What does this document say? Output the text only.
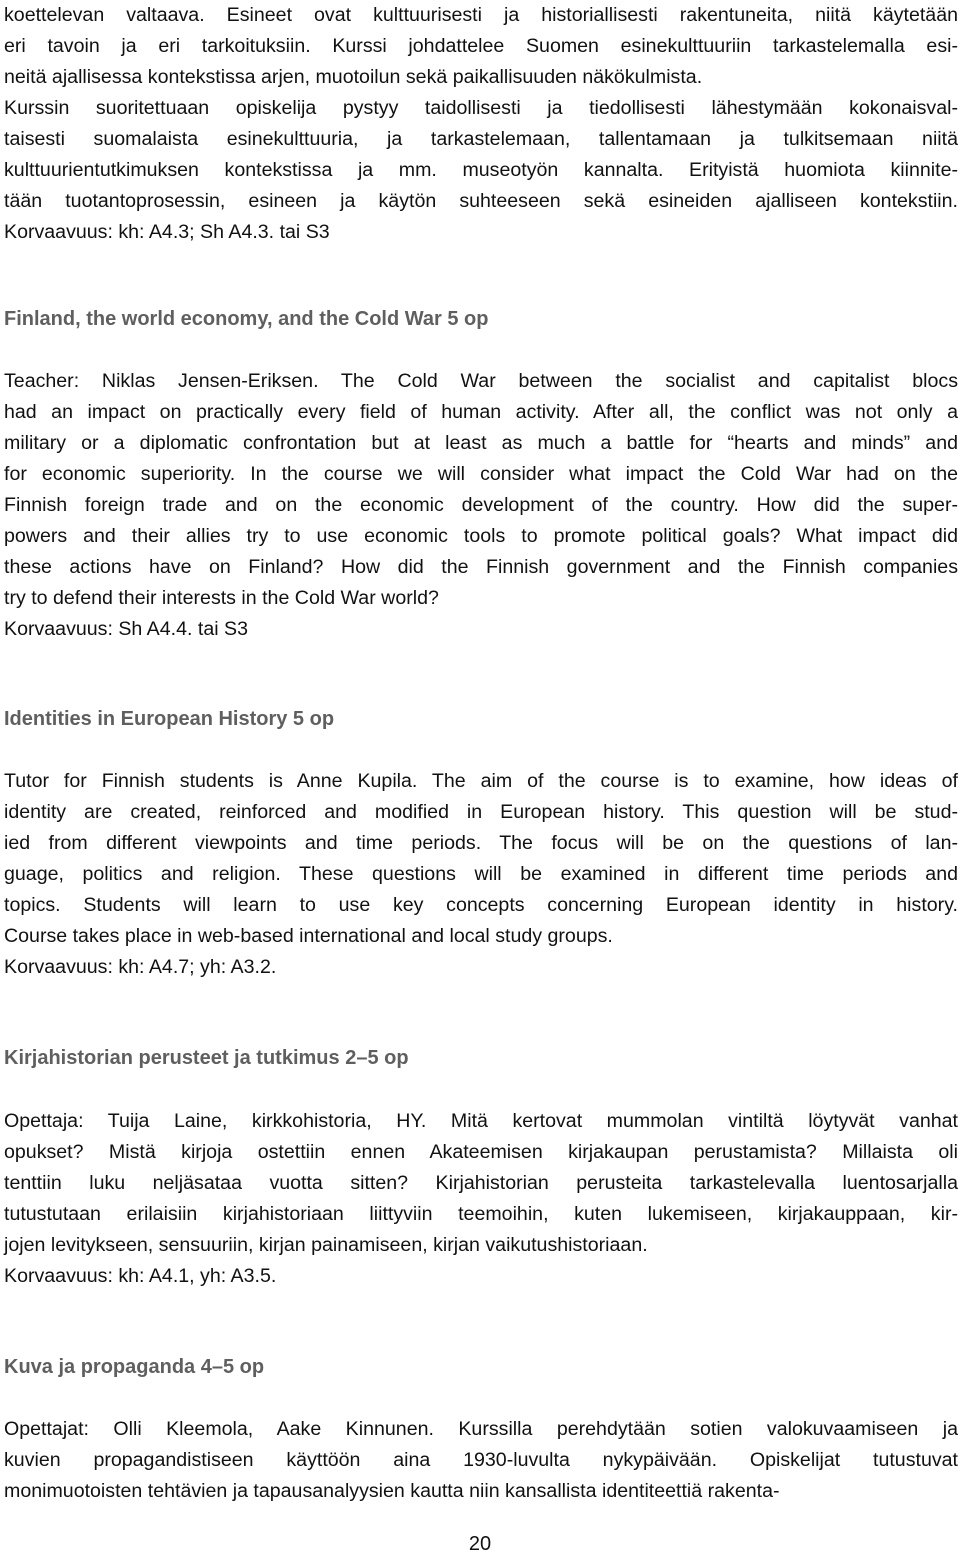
koettelevan valtaava. Esineet ovat kulttuurisesti ja historiallisesti rakentuneita, niitä käytetään
eri tavoin ja eri tarkoituksiin. Kurssi johdattelee Suomen esinekulttuuriin tarkastelemalla esi-
neitä ajallisessa kontekstissa arjen, muotoilun sekä paikallisuuden näkökulmista.
Kurssin suoritettuaan opiskelija pystyy taidollisesti ja tiedollisesti lähestymään kokonaisval-
taisesti suomalaista esinekulttuuria, ja tarkastelemaan, tallentamaan ja tulkitsemaan niitä
kulttuurientutkimuksen kontekstissa ja mm. museotyön kannalta. Erityistä huomiota kiinnite-
tään tuotantoprosessin, esineen ja käytön suhteeseen sekä esineiden ajalliseen kontekstiin.
Korvaavuus: kh: A4.3; Sh A4.3. tai S3
Finland, the world economy, and the Cold War 5 op
Teacher: Niklas Jensen-Eriksen. The Cold War between the socialist and capitalist blocs
had an impact on practically every field of human activity. After all, the conflict was not only a
military or a diplomatic confrontation but at least as much a battle for “hearts and minds” and
for economic superiority. In the course we will consider what impact the Cold War had on the
Finnish foreign trade and on the economic development of the country. How did the super-
powers and their allies try to use economic tools to promote political goals? What impact did
these actions have on Finland? How did the Finnish government and the Finnish companies
try to defend their interests in the Cold War world?
Korvaavuus: Sh A4.4. tai S3
Identities in European History 5 op
Tutor for Finnish students is Anne Kupila. The aim of the course is to examine, how ideas of
identity are created, reinforced and modified in European history. This question will be stud-
ied from different viewpoints and time periods. The focus will be on the questions of lan-
guage, politics and religion. These questions will be examined in different time periods and
topics. Students will learn to use key concepts concerning European identity in history.
Course takes place in web-based international and local study groups.
Korvaavuus: kh: A4.7; yh: A3.2.
Kirjahistorian perusteet ja tutkimus 2–5 op
Opettaja: Tuija Laine, kirkkohistoria, HY. Mitä kertovat mummolan vintiltä löytyvät vanhat
opukset? Mistä kirjoja ostettiin ennen Akateemisen kirjakaupan perustamista? Millaista oli
tenttiin luku neljäsataa vuotta sitten? Kirjahistorian perusteita tarkastelevalla luentosarjalla
tutustutaan erilaisiin kirjahistoriaan liittyviin teemoihin, kuten lukemiseen, kirjakauppaan, kir-
jojen levitykseen, sensuuriin, kirjan painamiseen, kirjan vaikutushistoriaan.
Korvaavuus: kh: A4.1, yh: A3.5.
Kuva ja propaganda 4–5 op
Opettajat: Olli Kleemola, Aake Kinnunen. Kurssilla perehdytään sotien valokuvaamiseen ja
kuvien propagandistiseen käyttöön aina 1930-luvulta nykypäivään. Opiskelijat tutustuvat
monimuotoisten tehtävien ja tapausanalyysien kautta niin kansallista identiteettiä rakenta-
20
